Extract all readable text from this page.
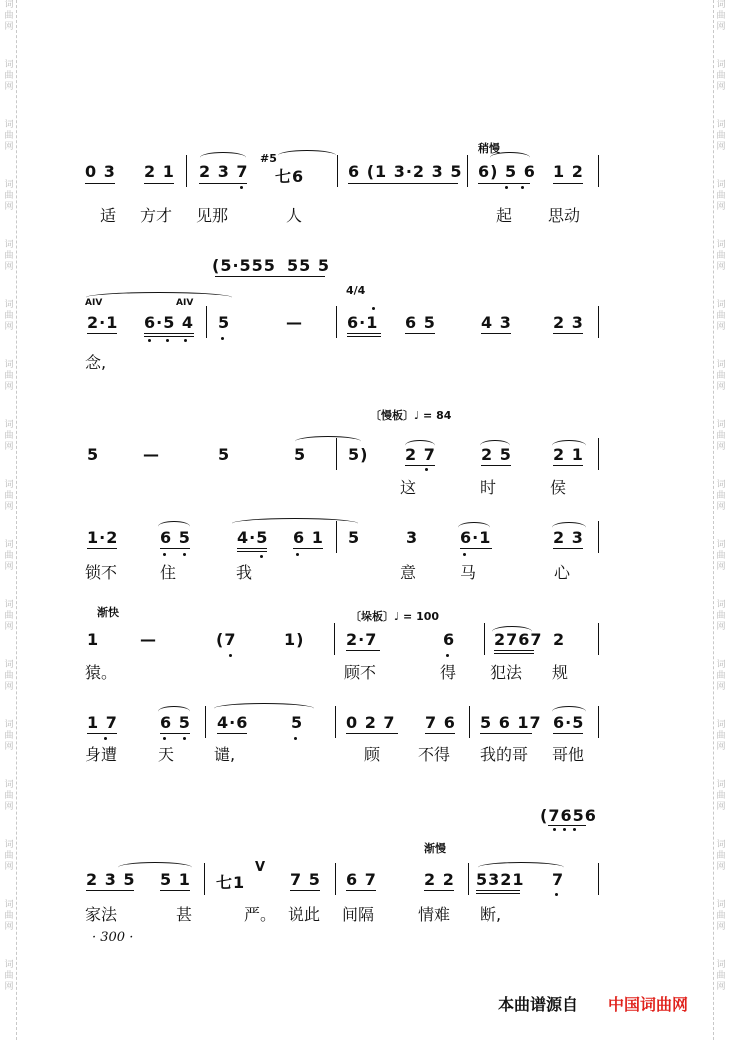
词
曲
网
词
曲
网
词
曲
网
词
曲
网
词
曲
网
词
曲
网
词
曲
网
词
曲
网
词
曲
网
词
曲
网
词
曲
网
词
曲
网
词
曲
网
词
曲
网
词
曲
网
词
曲
网
词
曲
网
词
曲
网
词
曲
网
词
曲
网
词
曲
网
词
曲
网
词
曲
网
词
曲
网
词
曲
网
词
曲
网
词
曲
网
词
曲
网
词
曲
网
词
曲
网
词
曲
网
词
曲
网
词
曲
网
词
曲
网
稍慢
0 3 2 1 2 3 7
#5
七6	6 (1 3·2 3 5 6) 5 6 1 2
适 方才 见那	人	起 思动
(5·555 55 5
4/4
AIV	AIV
2·1 6·5 4 5	—	6·1 6 5	4 3	2 3
念,
〔慢板〕♩ = 84
5	—	5	5	5) 2 7	2 5	2 1
这	时	侯
1·2	6 5	4·5 6 1 5	3	6·1	2 3
锁不	住	我	意	马	心
渐快	〔垛板〕♩ = 100
1	—	(7	1)	2·7	6 2767 2
猿。	顾不	得 犯法 规
1 7	6 5 4·6	5	0 2 7 7 6 5 6 17 6·5
身遭	天 谴,	顾 不得 我的哥 哥他
(7656
渐慢
2 3 5 5 1 七1
V
7 5 6 7	2 2 5321 7
家法	甚	严。 说此 间隔	情难 断,
· 300 ·
本曲谱源自 中国词曲网
